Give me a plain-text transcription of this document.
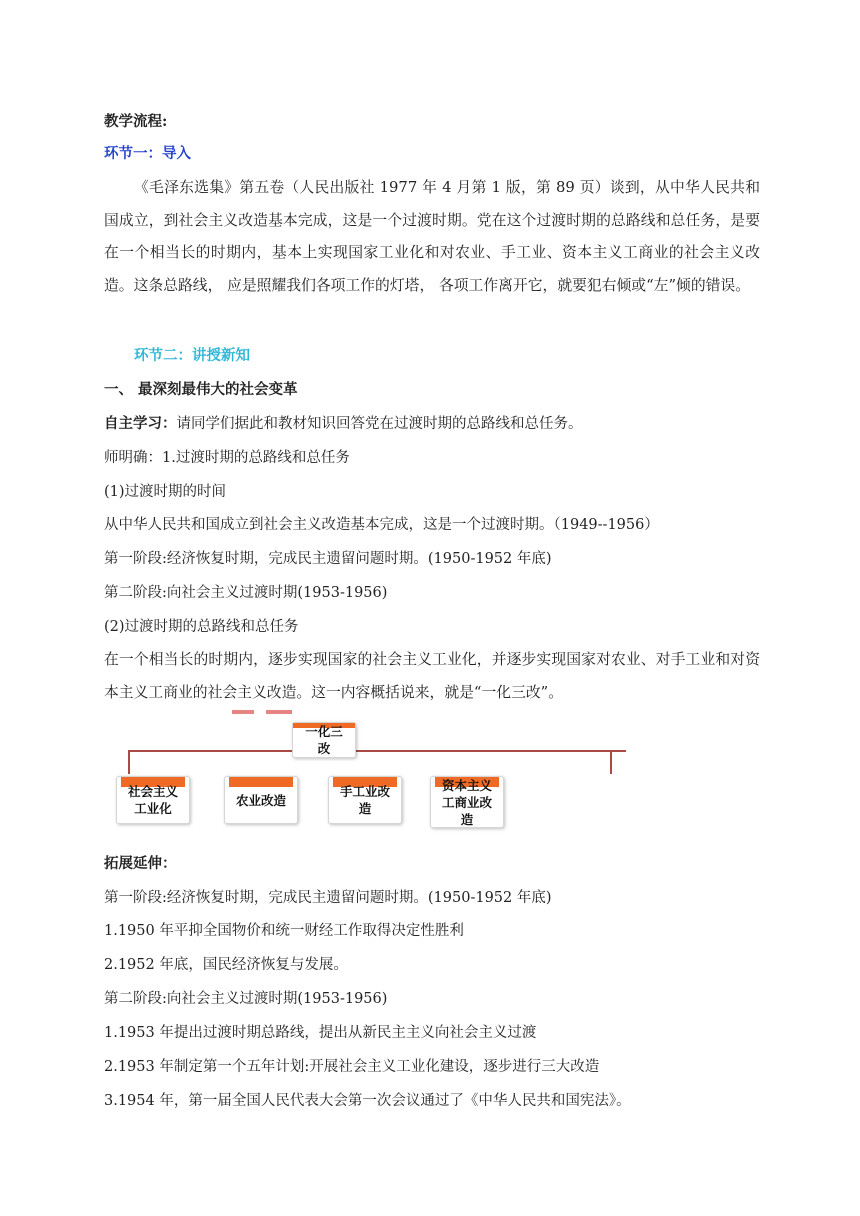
教学流程:
环节一：导入
《毛泽东选集》第五卷（人民出版社 1977 年 4 月第 1 版，第 89 页）谈到，从中华人民共和国成立，到社会主义改造基本完成，这是一个过渡时期。党在这个过渡时期的总路线和总任务，是要在一个相当长的时期内，基本上实现国家工业化和对农业、手工业、资本主义工商业的社会主义改造。这条总路线， 应是照耀我们各项工作的灯塔， 各项工作离开它，就要犯右倾或“左”倾的错误。
环节二：讲授新知
一、 最深刻最伟大的社会变革
自主学习：请同学们据此和教材知识回答党在过渡时期的总路线和总任务。
师明确：1.过渡时期的总路线和总任务
(1)过渡时期的时间
从中华人民共和国成立到社会主义改造基本完成，这是一个过渡时期。（1949--1956）
第一阶段:经济恢复时期，完成民主遗留问题时期。(1950-1952 年底)
第二阶段:向社会主义过渡时期(1953-1956)
(2)过渡时期的总路线和总任务
在一个相当长的时期内，逐步实现国家的社会主义工业化，并逐步实现国家对农业、对手工业和对资本主义工商业的社会主义改造。这一内容概括说来，就是“一化三改”。
一化三
改
社会主义
工业化
农业改造
手工业改
造
资本主义
工商业改
造
拓展延伸：
第一阶段:经济恢复时期，完成民主遗留问题时期。(1950-1952 年底)
1.1950 年平抑全国物价和统一财经工作取得决定性胜利
2.1952 年底，国民经济恢复与发展。
第二阶段:向社会主义过渡时期(1953-1956)
1.1953 年提出过渡时期总路线，提出从新民主主义向社会主义过渡
2.1953 年制定第一个五年计划:开展社会主义工业化建设，逐步进行三大改造
3.1954 年，第一届全国人民代表大会第一次会议通过了《中华人民共和国宪法》。
